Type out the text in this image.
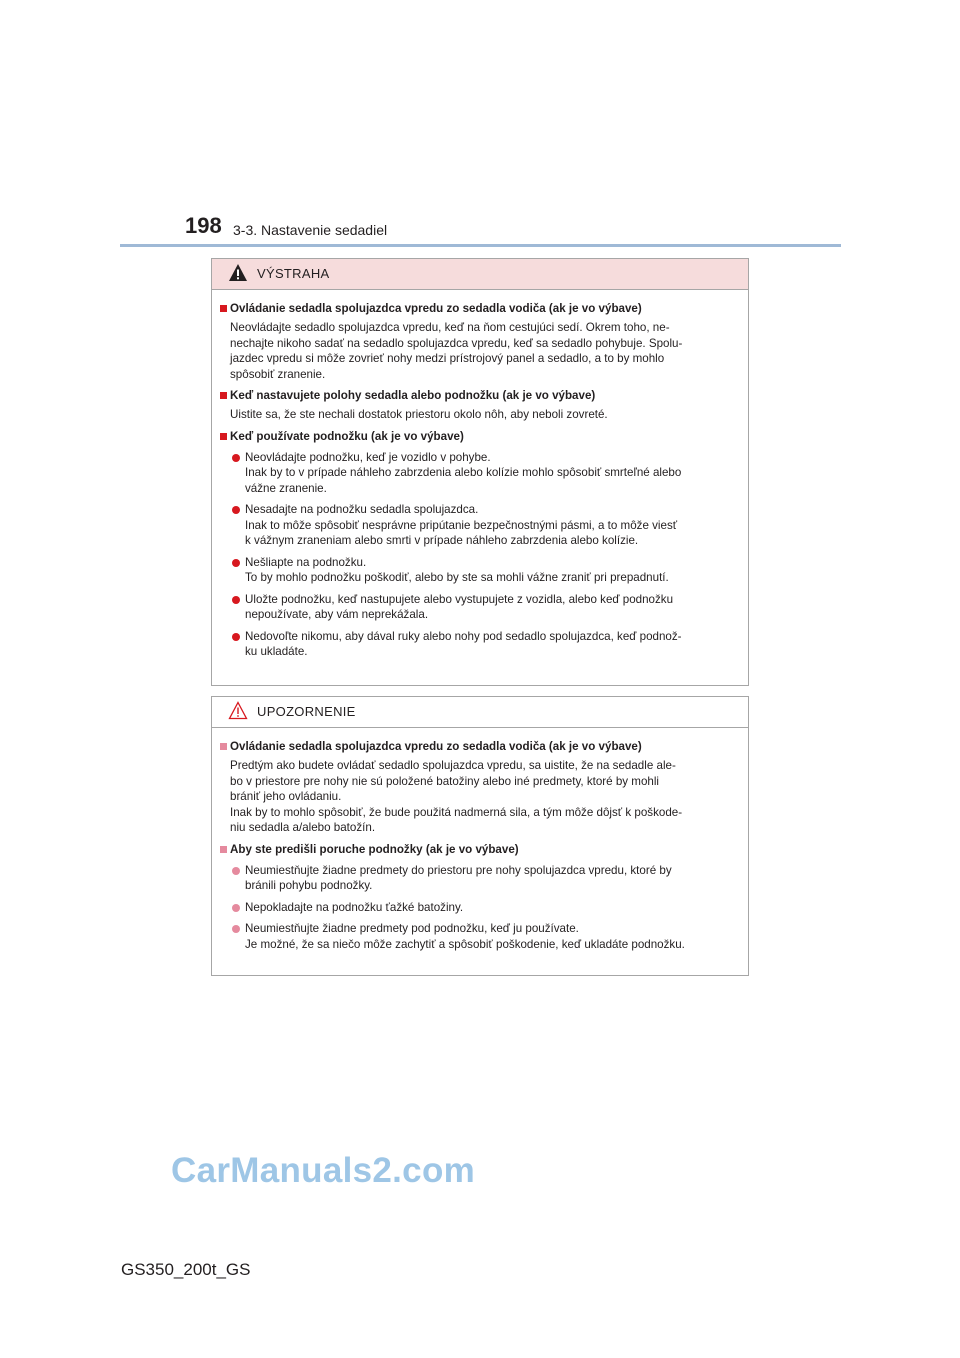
198 3-3. Nastavenie sedadiel
VÝSTRAHA
Ovládanie sedadla spolujazdca vpredu zo sedadla vodiča (ak je vo výbave)
Neovládajte sedadlo spolujazdca vpredu, keď na ňom cestujúci sedí. Okrem toho, ne-
nechajte nikoho sadať na sedadlo spolujazdca vpredu, keď sa sedadlo pohybuje. Spolu-
jazdec vpredu si môže zovrieť nohy medzi prístrojový panel a sedadlo, a to by mohlo
spôsobiť zranenie.
Keď nastavujete polohy sedadla alebo podnožku (ak je vo výbave)
Uistite sa, že ste nechali dostatok priestoru okolo nôh, aby neboli zovreté.
Keď používate podnožku (ak je vo výbave)
Neovládajte podnožku, keď je vozidlo v pohybe.
Inak by to v prípade náhleho zabrzdenia alebo kolízie mohlo spôsobiť smrteľné alebo
vážne zranenie.
Nesadajte na podnožku sedadla spolujazdca.
Inak to môže spôsobiť nesprávne pripútanie bezpečnostnými pásmi, a to môže viesť
k vážnym zraneniam alebo smrti v prípade náhleho zabrzdenia alebo kolízie.
Nešliapte na podnožku.
To by mohlo podnožku poškodiť, alebo by ste sa mohli vážne zraniť pri prepadnutí.
Uložte podnožku, keď nastupujete alebo vystupujete z vozidla, alebo keď podnožku
nepoužívate, aby vám neprekážala.
Nedovoľte nikomu, aby dával ruky alebo nohy pod sedadlo spolujazdca, keď podnož-
ku ukladáte.
UPOZORNENIE
Ovládanie sedadla spolujazdca vpredu zo sedadla vodiča (ak je vo výbave)
Predtým ako budete ovládať sedadlo spolujazdca vpredu, sa uistite, že na sedadle ale-
bo v priestore pre nohy nie sú položené batožiny alebo iné predmety, ktoré by mohli
brániť jeho ovládaniu.
Inak by to mohlo spôsobiť, že bude použitá nadmerná sila, a tým môže dôjsť k poškode-
niu sedadla a/alebo batožín.
Aby ste predišli poruche podnožky (ak je vo výbave)
Neumiestňujte žiadne predmety do priestoru pre nohy spolujazdca vpredu, ktoré by
bránili pohybu podnožky.
Nepokladajte na podnožku ťažké batožiny.
Neumiestňujte žiadne predmety pod podnožku, keď ju používate.
Je možné, že sa niečo môže zachytiť a spôsobiť poškodenie, keď ukladáte podnožku.
CarManuals2.com
GS350_200t_GS
